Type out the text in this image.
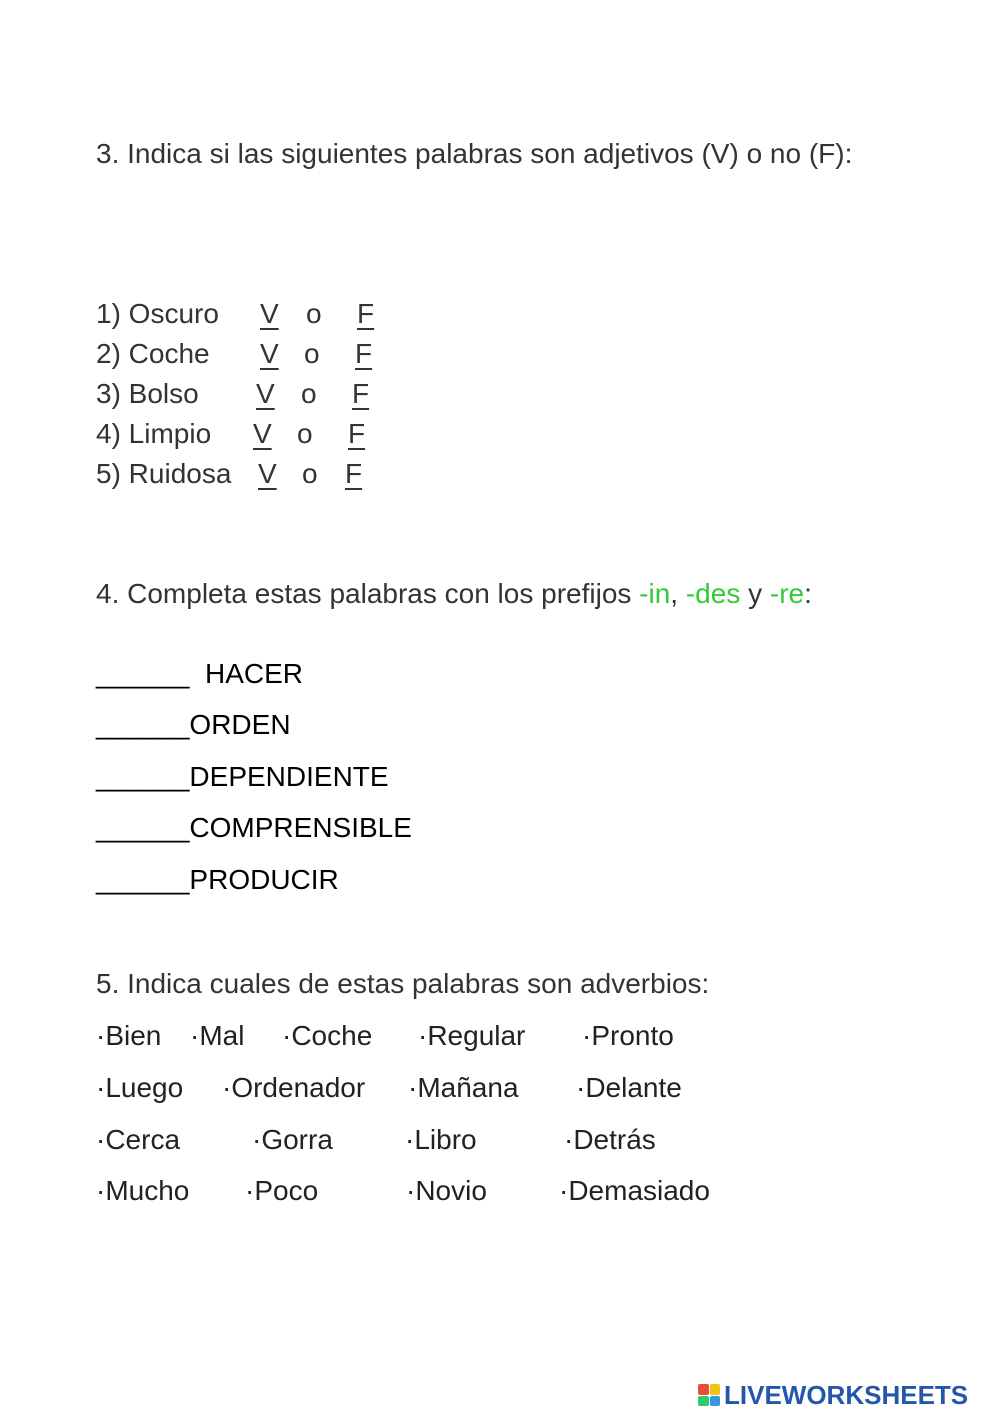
3. Indica si las siguientes palabras son adjetivos (V) o no (F):
1) Oscuro V o F
2) Coche V o F
3) Bolso V o F
4) Limpio V o F
5) Ruidosa V o F
4. Completa estas palabras con los prefijos -in, -des y -re:
______  HACER
______ORDEN
______DEPENDIENTE
______COMPRENSIBLE
______PRODUCIR
5. Indica cuales de estas palabras son adverbios:
·Bien ·Mal ·Coche ·Regular ·Pronto
·Luego ·Ordenador ·Mañana ·Delante
·Cerca	·Gorra	·Libro	·Detrás
·Mucho ·Poco	·Novio	·Demasiado
LIVEWORKSHEETS
